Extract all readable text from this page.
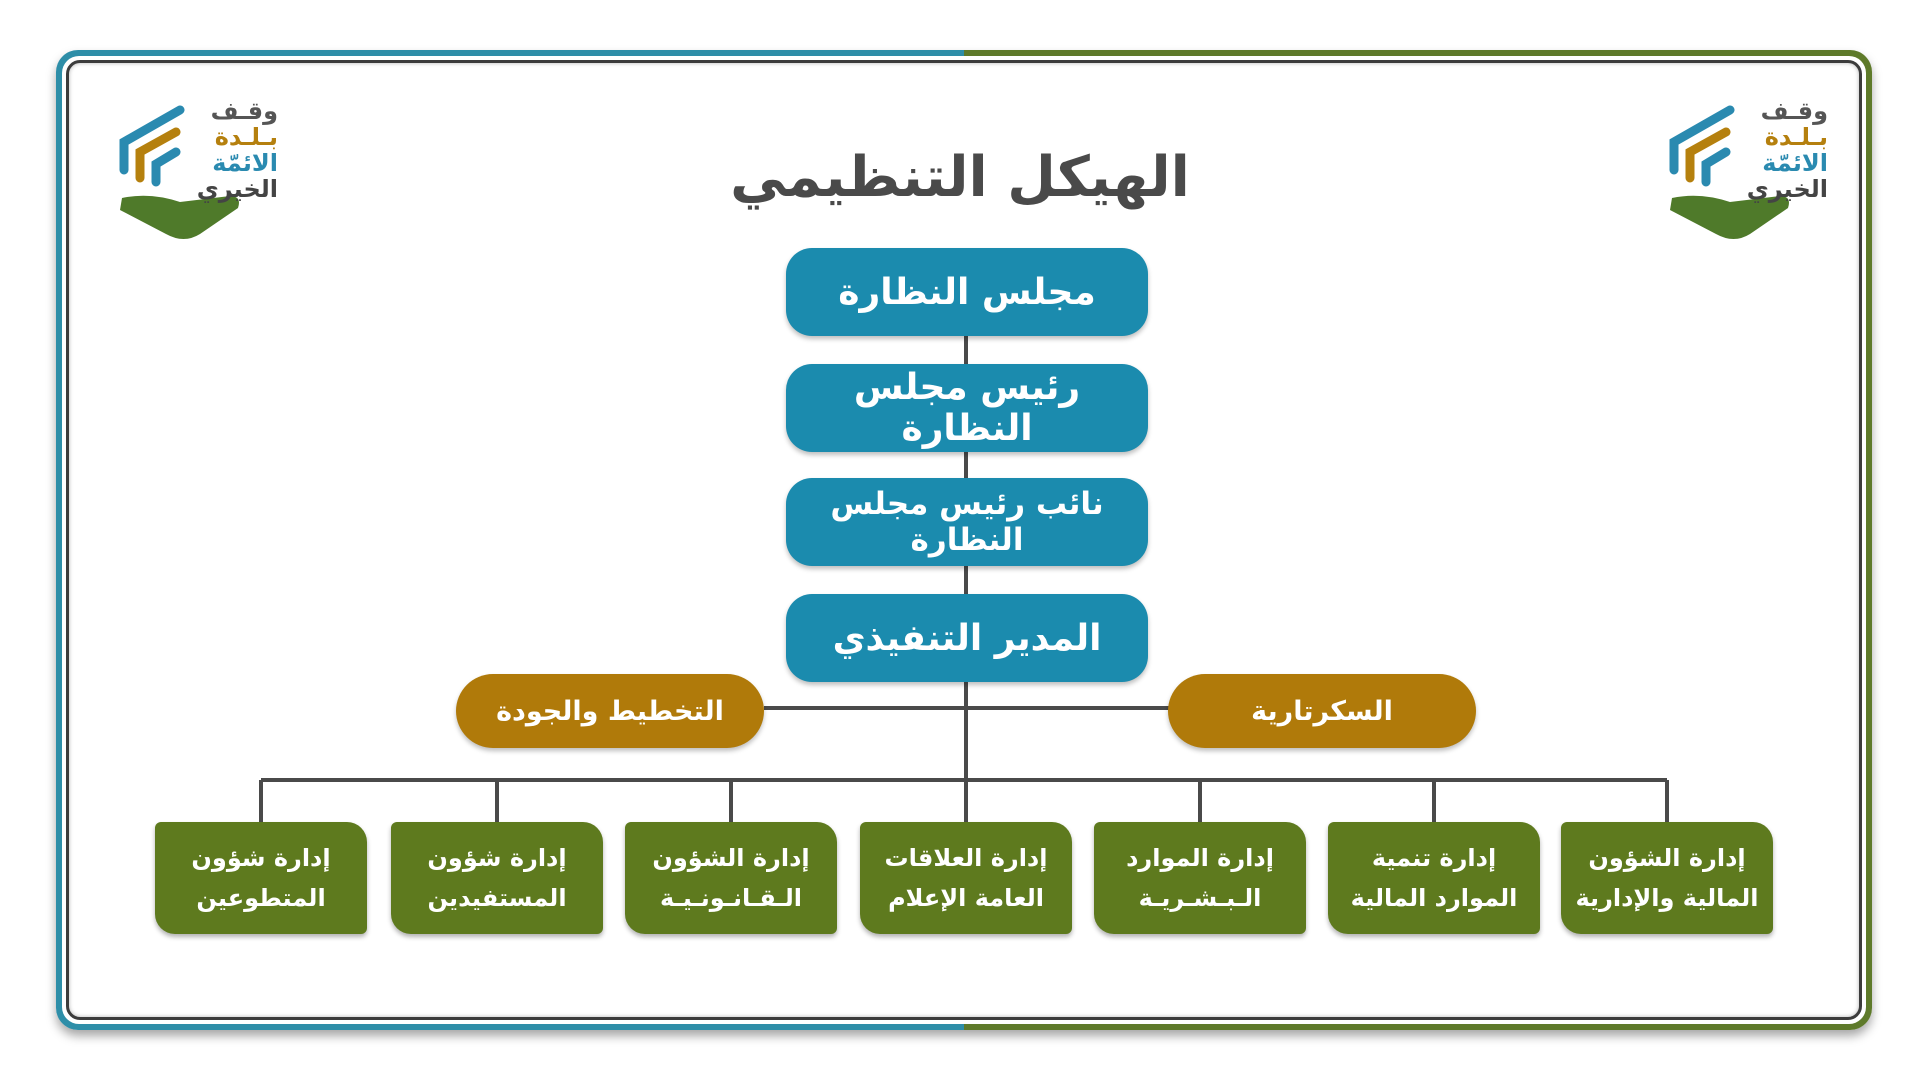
وقـف
بـلـدة
الائمّة
الخيري
وقـف
بـلـدة
الائمّة
الخيري
الهيكل التنظيمي
مجلس النظارة
رئيس مجلس النظارة
نائب رئيس مجلس النظارة
المدير التنفيذي
التخطيط والجودة	السكرتارية
إدارة شؤون
المتطوعين
إدارة شؤون
المستفيدين
إدارة الشؤون
الـقـانـونـيـة
إدارة العلاقات
العامة الإعلام
إدارة الموارد
الـبـشـريـة
إدارة تنمية
الموارد المالية
إدارة الشؤون
المالية والإدارية
